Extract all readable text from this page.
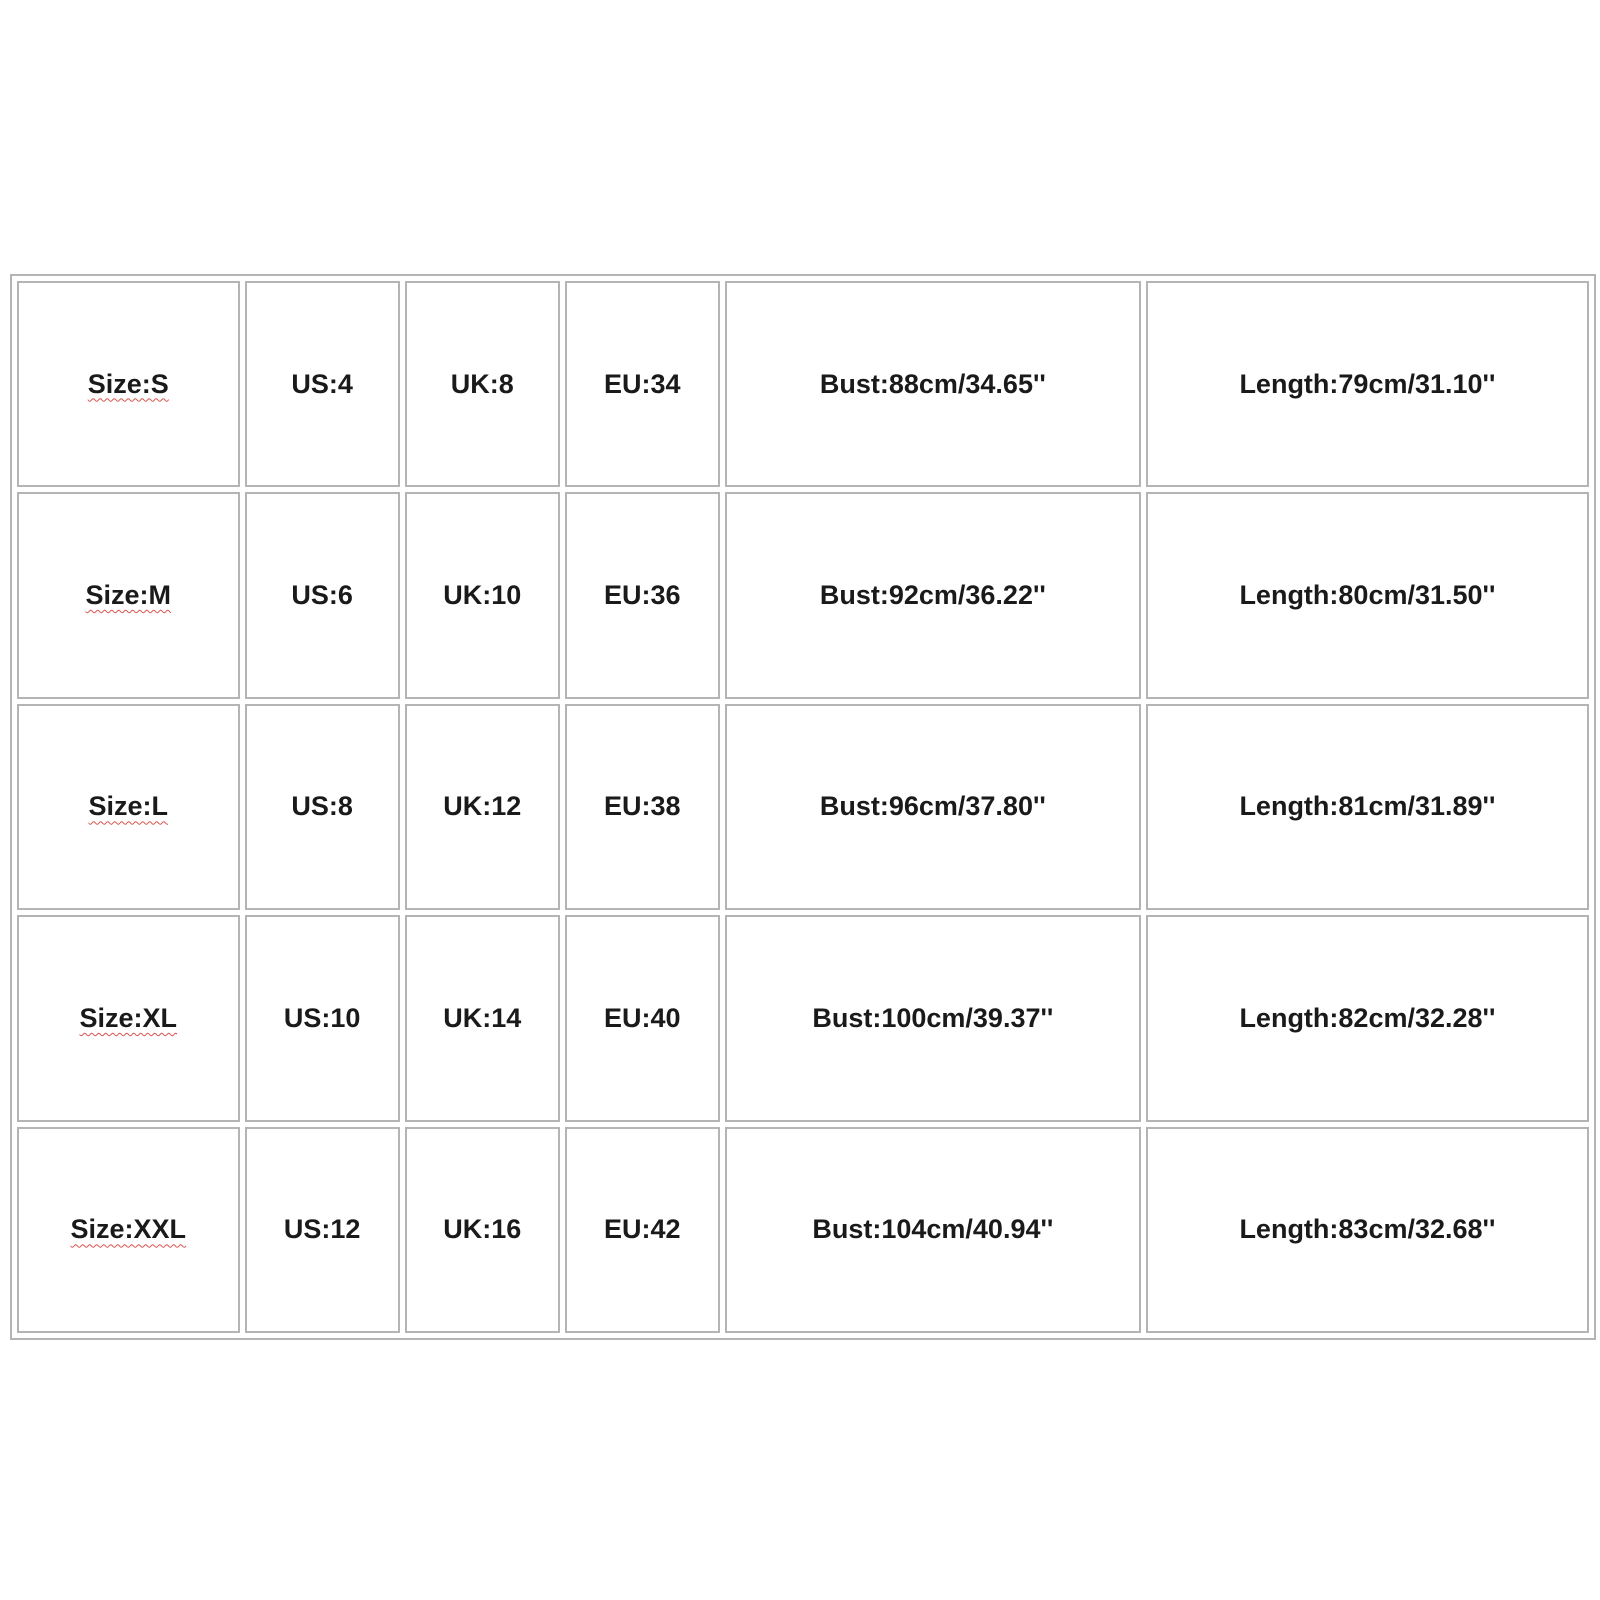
Size:S	US:4	UK:8	EU:34	Bust:88cm/34.65''	Length:79cm/31.10''
Size:M	US:6	UK:10	EU:36	Bust:92cm/36.22''	Length:80cm/31.50''
Size:L	US:8	UK:12	EU:38	Bust:96cm/37.80''	Length:81cm/31.89''
Size:XL	US:10	UK:14	EU:40	Bust:100cm/39.37''	Length:82cm/32.28''
Size:XXL	US:12	UK:16	EU:42	Bust:104cm/40.94''	Length:83cm/32.68''
